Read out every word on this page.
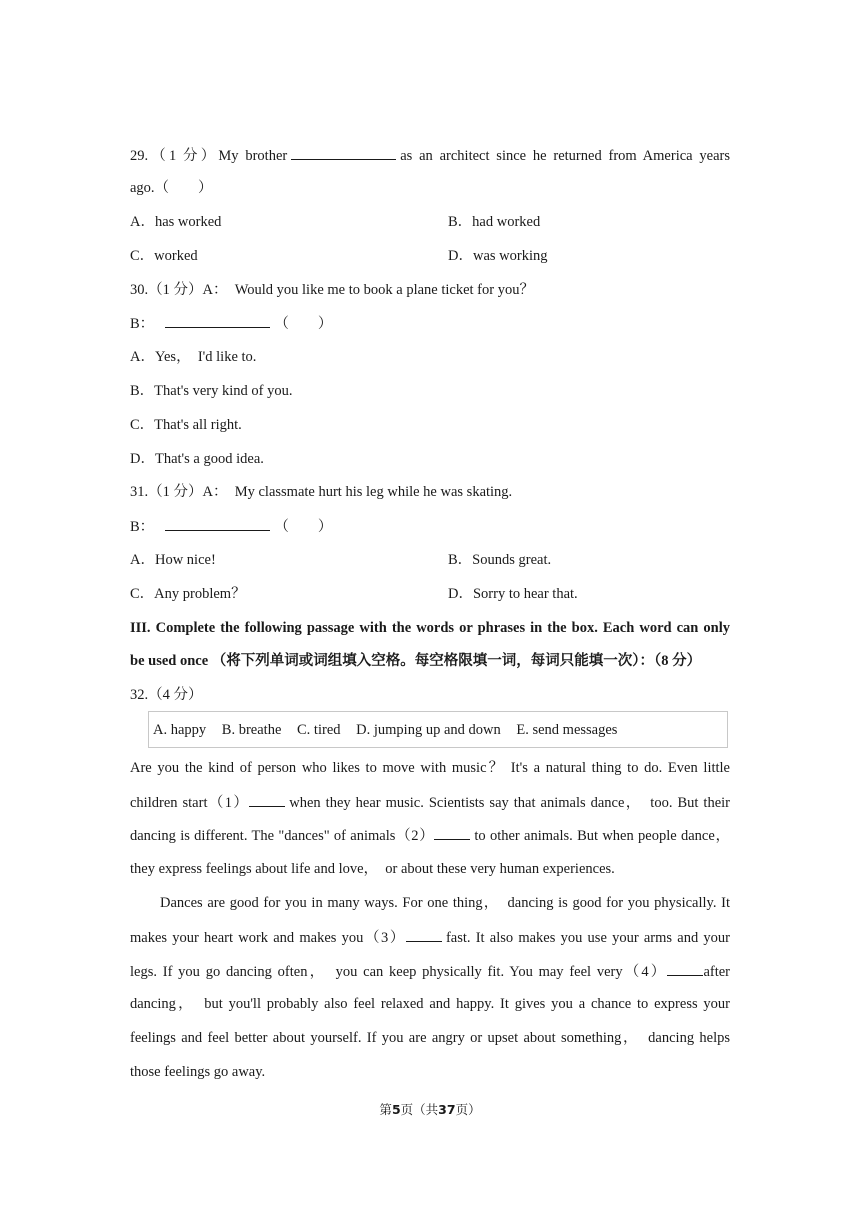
29.（1 分）My brother	as an architect since he returned from America years
ago.（　　）
A．has worked	B．had worked
C．worked	D．was working
30.（1 分）A：　Would you like me to book a plane ticket for you？
B：	（　　）
A．Yes，　I'd like to.
B．That's very kind of you.
C．That's all right.
D．That's a good idea.
31.（1 分）A：　My classmate hurt his leg while he was skating.
B：	（　　）
A．How nice!	B．Sounds great.
C．Any problem？	D．Sorry to hear that.
III. Complete the following passage with the words or phrases in the box. Each word can only
be used once （将下列单词或词组填入空格。每空格限填一词，每词只能填一次）：（8 分）
32.（4 分）
A. happy B. breathe C. tired D. jumping up and down E. send messages
Are you the kind of person who likes to move with music？ It's a natural thing to do. Even little
children start（1）	when they hear music. Scientists say that animals dance，　too. But their
dancing is different. The "dances" of animals（2）	to other animals. But when people dance，
they express feelings about life and love，　or about these very human experiences.
Dances are good for you in many ways. For one thing，　dancing is good for you physically. It
makes your heart work and makes you（3）	fast. It also makes you use your arms and your
legs. If you go dancing often，　you can keep physically fit. You may feel very（4） after
dancing，　but you'll probably also feel relaxed and happy. It gives you a chance to express your
feelings and feel better about yourself. If you are angry or upset about something，　dancing helps
those feelings go away.
第5页（共37页）
